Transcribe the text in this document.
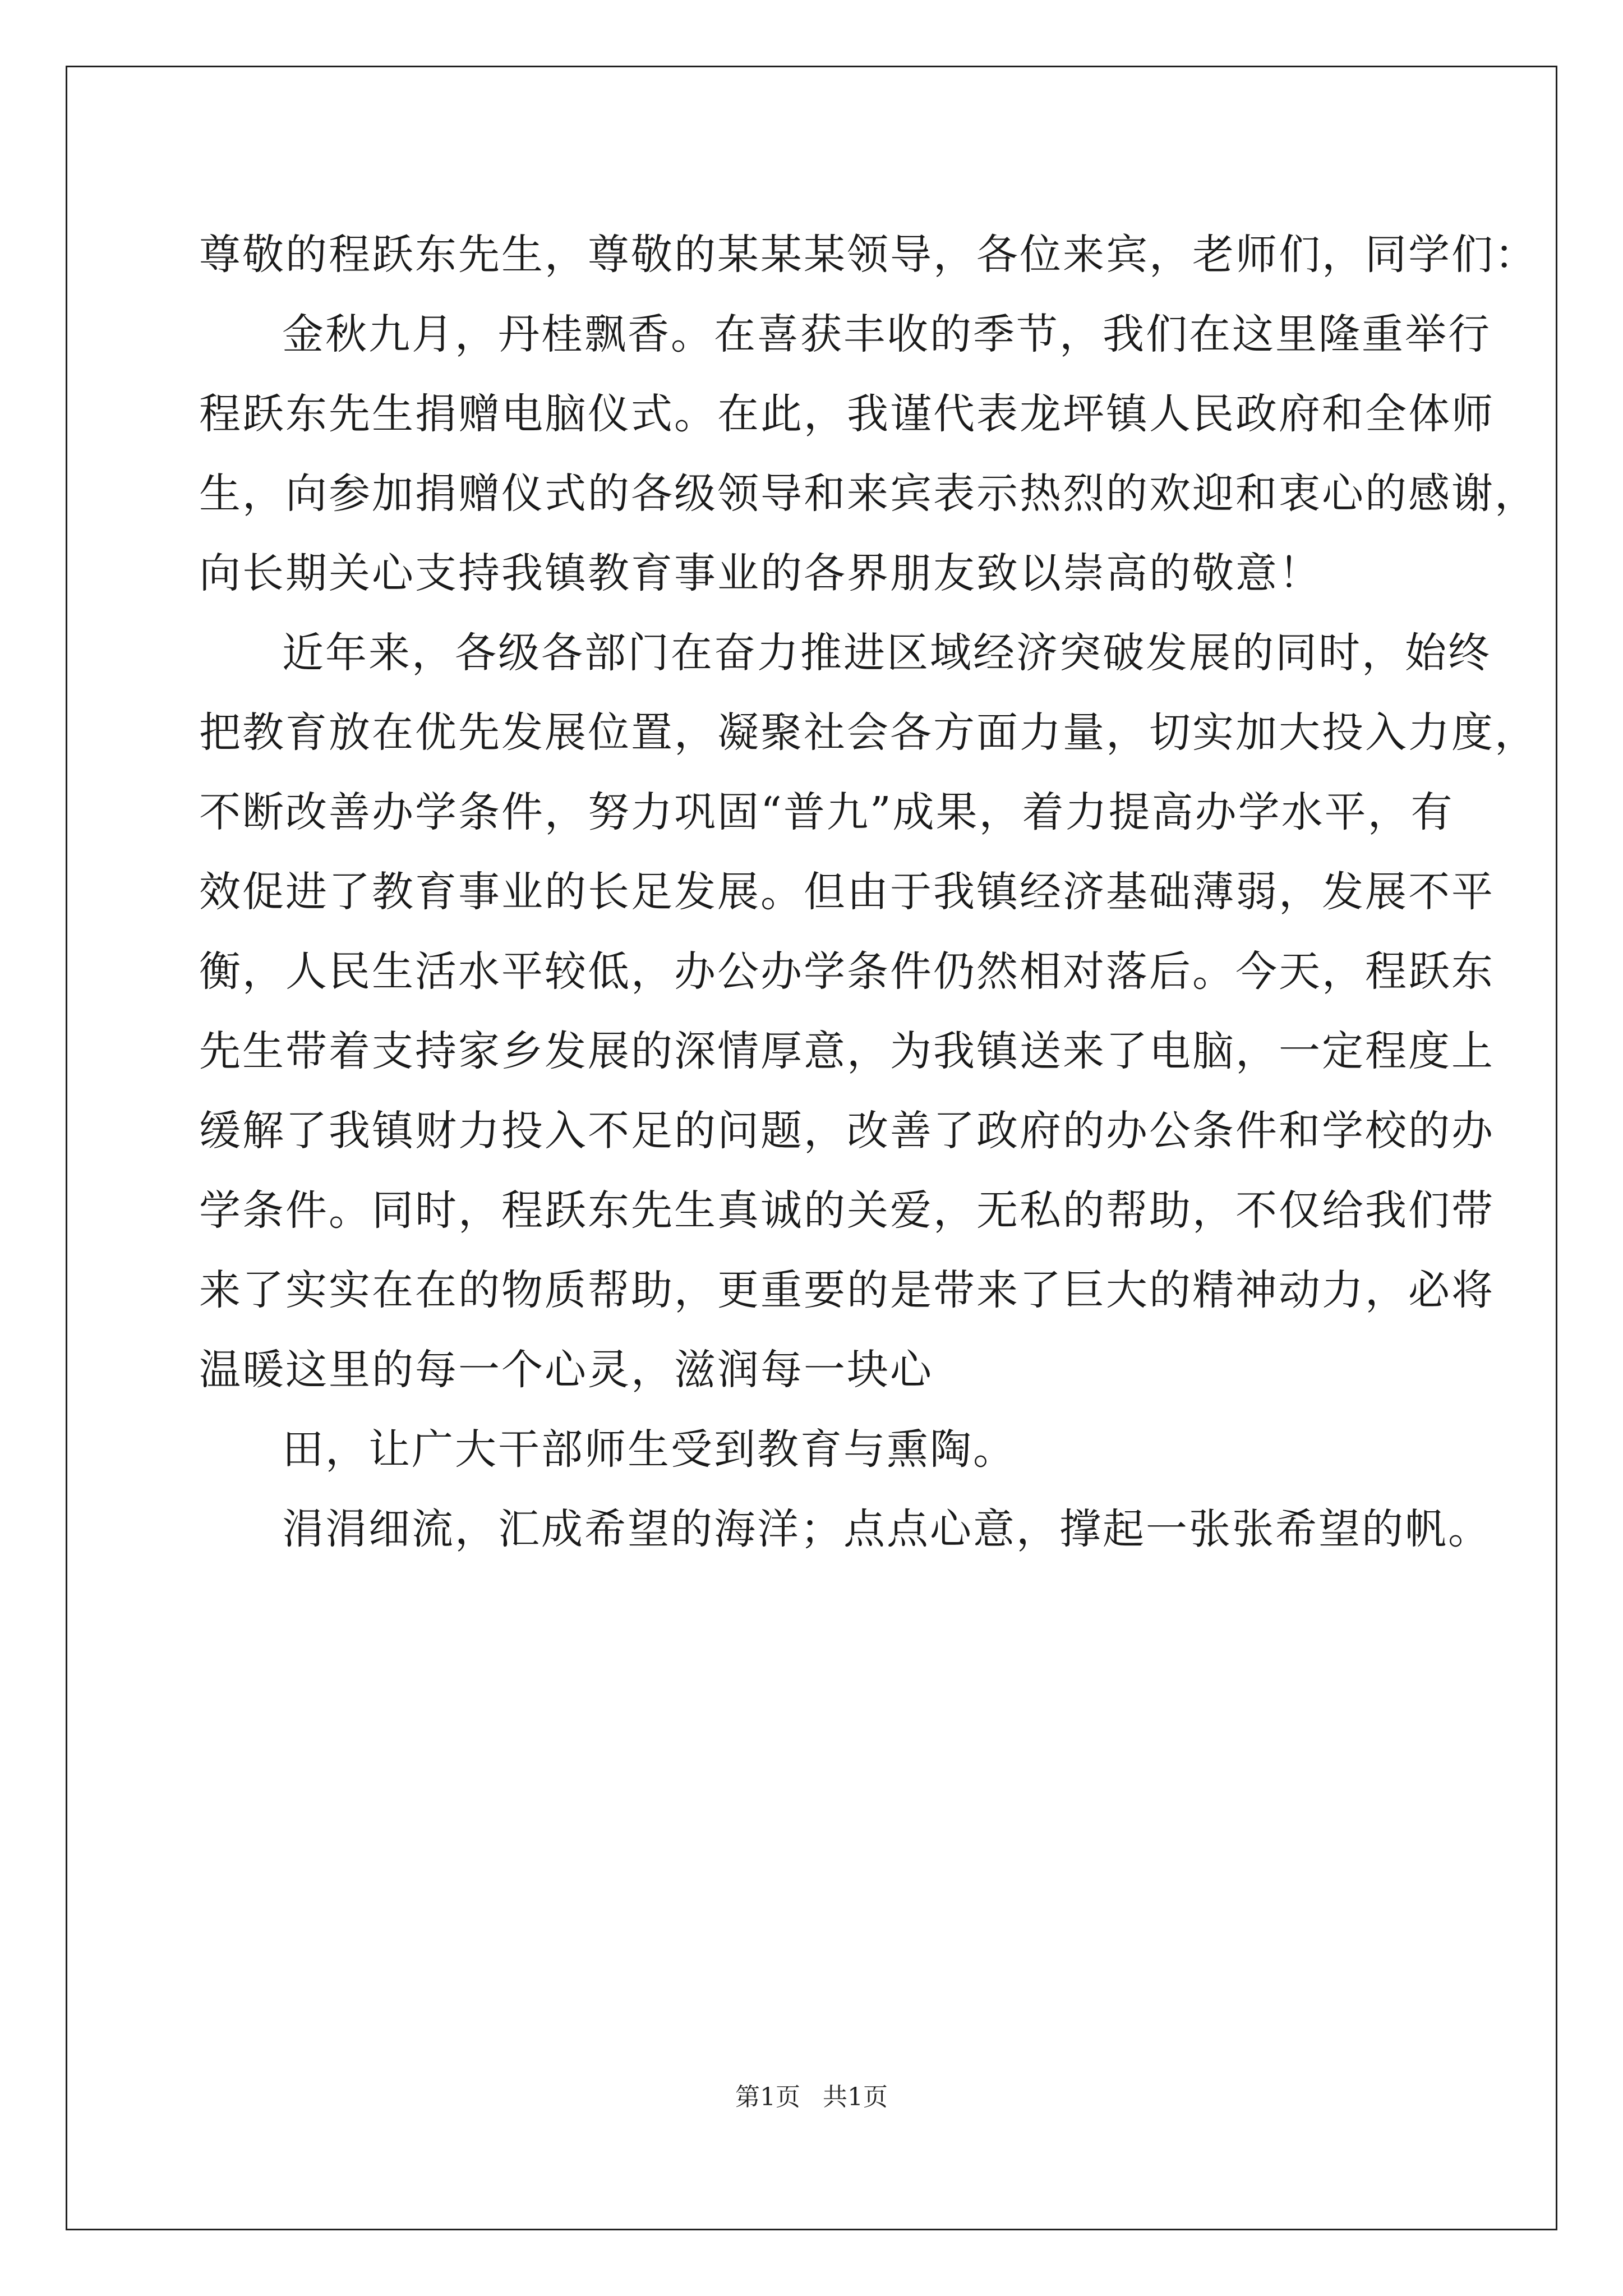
尊敬的程跃东先生，尊敬的某某某领导，各位来宾，老师们，同学们：
金秋九月，丹桂飘香。在喜获丰收的季节，我们在这里隆重举行
程跃东先生捐赠电脑仪式。在此，我谨代表龙坪镇人民政府和全体师
生，向参加捐赠仪式的各级领导和来宾表示热烈的欢迎和衷心的感谢，
向长期关心支持我镇教育事业的各界朋友致以崇高的敬意！
近年来，各级各部门在奋力推进区域经济突破发展的同时，始终
把教育放在优先发展位置，凝聚社会各方面力量，切实加大投入力度，
不断改善办学条件，努力巩固“普九”成果，着力提高办学水平，有
效促进了教育事业的长足发展。但由于我镇经济基础薄弱，发展不平
衡，人民生活水平较低，办公办学条件仍然相对落后。今天，程跃东
先生带着支持家乡发展的深情厚意，为我镇送来了电脑，一定程度上
缓解了我镇财力投入不足的问题，改善了政府的办公条件和学校的办
学条件。同时，程跃东先生真诚的关爱，无私的帮助，不仅给我们带
来了实实在在的物质帮助，更重要的是带来了巨大的精神动力，必将
温暖这里的每一个心灵，滋润每一块心
田，让广大干部师生受到教育与熏陶。
涓涓细流，汇成希望的海洋；点点心意，撑起一张张希望的帆。
第1页 共1页
